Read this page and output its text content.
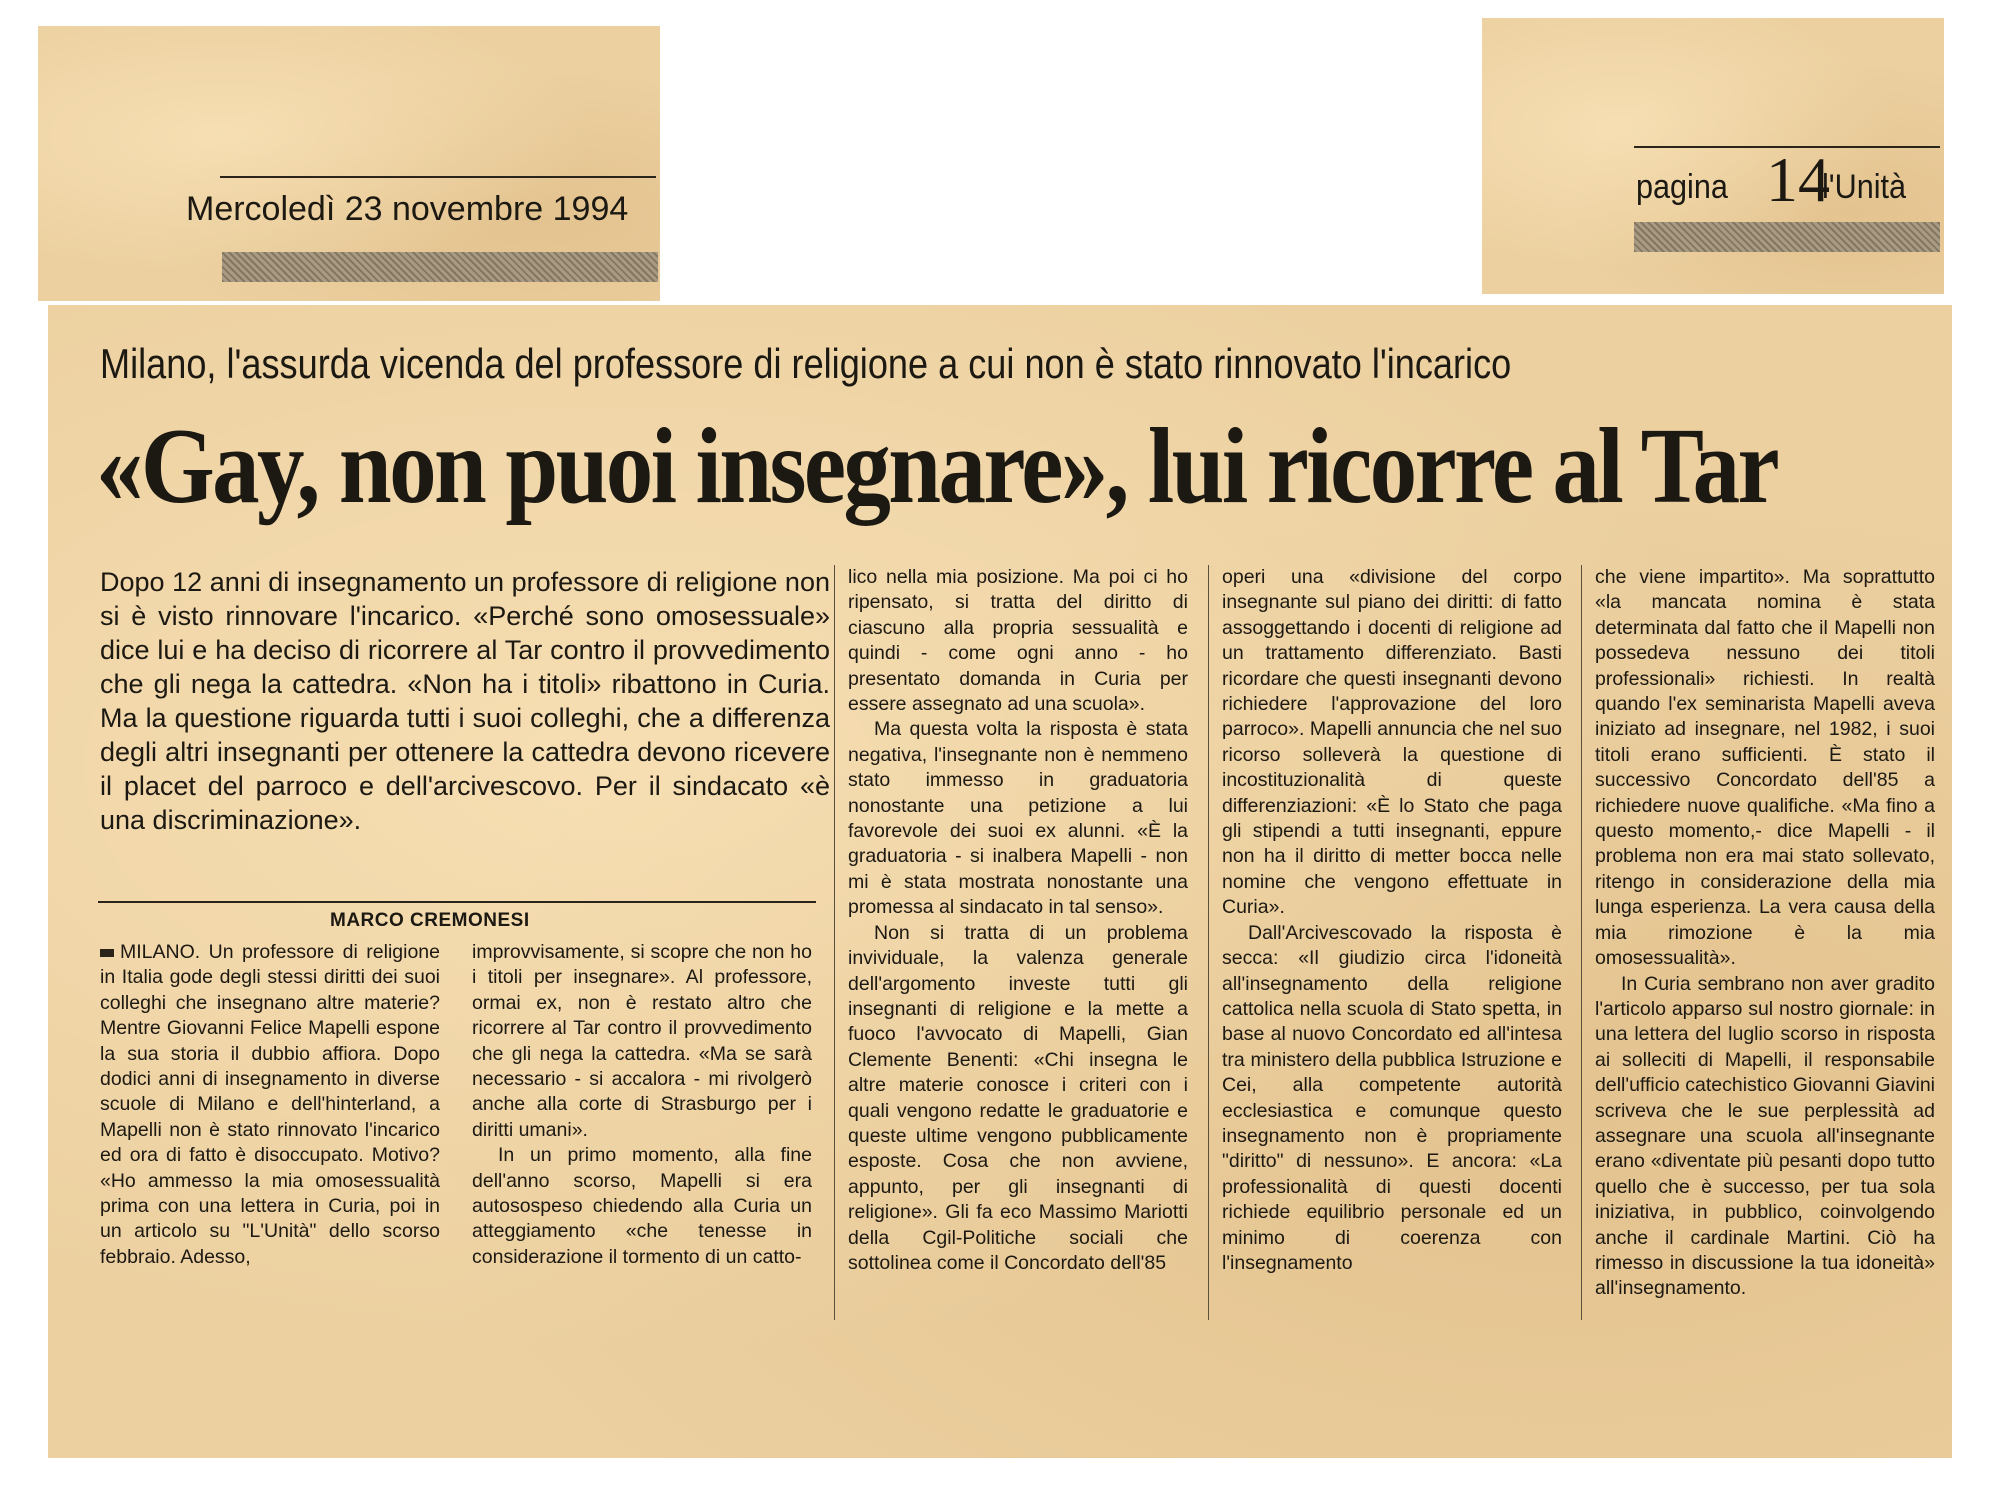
Mercoledì 23 novembre 1994
pagina 14
l'Unità
Milano, l'assurda vicenda del professore di religione a cui non è stato rinnovato l'incarico
«Gay, non puoi insegnare», lui ricorre al Tar

Dopo 12 anni di insegnamento un professore di religione non si è visto rinnovare l'incarico. «Perché sono omosessuale» dice lui e ha deciso di ricorrere al Tar contro il provvedimento che gli nega la cattedra. «Non ha i titoli» ribattono in Curia. Ma la questione riguarda tutti i suoi colleghi, che a differenza degli altri insegnanti per ottenere la cattedra devono ricevere il placet del parroco e dell'arcivescovo. Per il sindacato «è una discriminazione».

MARCO CREMONESI

MILANO. Un professore di religione in Italia gode degli stessi diritti dei suoi colleghi che insegnano altre materie? Mentre Giovanni Felice Mapelli espone la sua storia il dubbio affiora. Dopo dodici anni di insegnamento in diverse scuole di Milano e dell'hinterland, a Mapelli non è stato rinnovato l'incarico ed ora di fatto è disoccupato. Motivo? «Ho ammesso la mia omosessualità prima con una lettera in Curia, poi in un articolo su "L'Unità" dello scorso febbraio. Adesso,

improvvisamente, si scopre che non ho i titoli per insegnare». Al professore, ormai ex, non è restato altro che ricorrere al Tar contro il provvedimento che gli nega la cattedra. «Ma se sarà necessario - si accalora - mi rivolgerò anche alla corte di Strasburgo per i diritti umani».

In un primo momento, alla fine dell'anno scorso, Mapelli si era autosospeso chiedendo alla Curia un atteggiamento «che tenesse in considerazione il tormento di un catto-

lico nella mia posizione. Ma poi ci ho ripensato, si tratta del diritto di ciascuno alla propria sessualità e quindi - come ogni anno - ho presentato domanda in Curia per essere assegnato ad una scuola».

Ma questa volta la risposta è stata negativa, l'insegnante non è nemmeno stato immesso in graduatoria nonostante una petizione a lui favorevole dei suoi ex alunni. «È la graduatoria - si inalbera Mapelli - non mi è stata mostrata nonostante una promessa al sindacato in tal senso».

Non si tratta di un problema invividuale, la valenza generale dell'argomento investe tutti gli insegnanti di religione e la mette a fuoco l'avvocato di Mapelli, Gian Clemente Benenti: «Chi insegna le altre materie conosce i criteri con i quali vengono redatte le graduatorie e queste ultime vengono pubblicamente esposte. Cosa che non avviene, appunto, per gli insegnanti di religione». Gli fa eco Massimo Mariotti della Cgil-Politiche sociali che sottolinea come il Concordato dell'85

operi una «divisione del corpo insegnante sul piano dei diritti: di fatto assoggettando i docenti di religione ad un trattamento differenziato. Basti ricordare che questi insegnanti devono richiedere l'approvazione del loro parroco». Mapelli annuncia che nel suo ricorso solleverà la questione di incostituzionalità di queste differenziazioni: «È lo Stato che paga gli stipendi a tutti insegnanti, eppure non ha il diritto di metter bocca nelle nomine che vengono effettuate in Curia».

Dall'Arcivescovado la risposta è secca: «Il giudizio circa l'idoneità all'insegnamento della religione cattolica nella scuola di Stato spetta, in base al nuovo Concordato ed all'intesa tra ministero della pubblica Istruzione e Cei, alla competente autorità ecclesiastica e comunque questo insegnamento non è propriamente "diritto" di nessuno». E ancora: «La professionalità di questi docenti richiede equilibrio personale ed un minimo di coerenza con l'insegnamento

che viene impartito». Ma soprattutto «la mancata nomina è stata determinata dal fatto che il Mapelli non possedeva nessuno dei titoli professionali» richiesti. In realtà quando l'ex seminarista Mapelli aveva iniziato ad insegnare, nel 1982, i suoi titoli erano sufficienti. È stato il successivo Concordato dell'85 a richiedere nuove qualifiche. «Ma fino a questo momento,- dice Mapelli - il problema non era mai stato sollevato, ritengo in considerazione della mia lunga esperienza. La vera causa della mia rimozione è la mia omosessualità».

In Curia sembrano non aver gradito l'articolo apparso sul nostro giornale: in una lettera del luglio scorso in risposta ai solleciti di Mapelli, il responsabile dell'ufficio catechistico Giovanni Giavini scriveva che le sue perplessità ad assegnare una scuola all'insegnante erano «diventate più pesanti dopo tutto quello che è successo, per tua sola iniziativa, in pubblico, coinvolgendo anche il cardinale Martini. Ciò ha rimesso in discussione la tua idoneità» all'insegnamento.
